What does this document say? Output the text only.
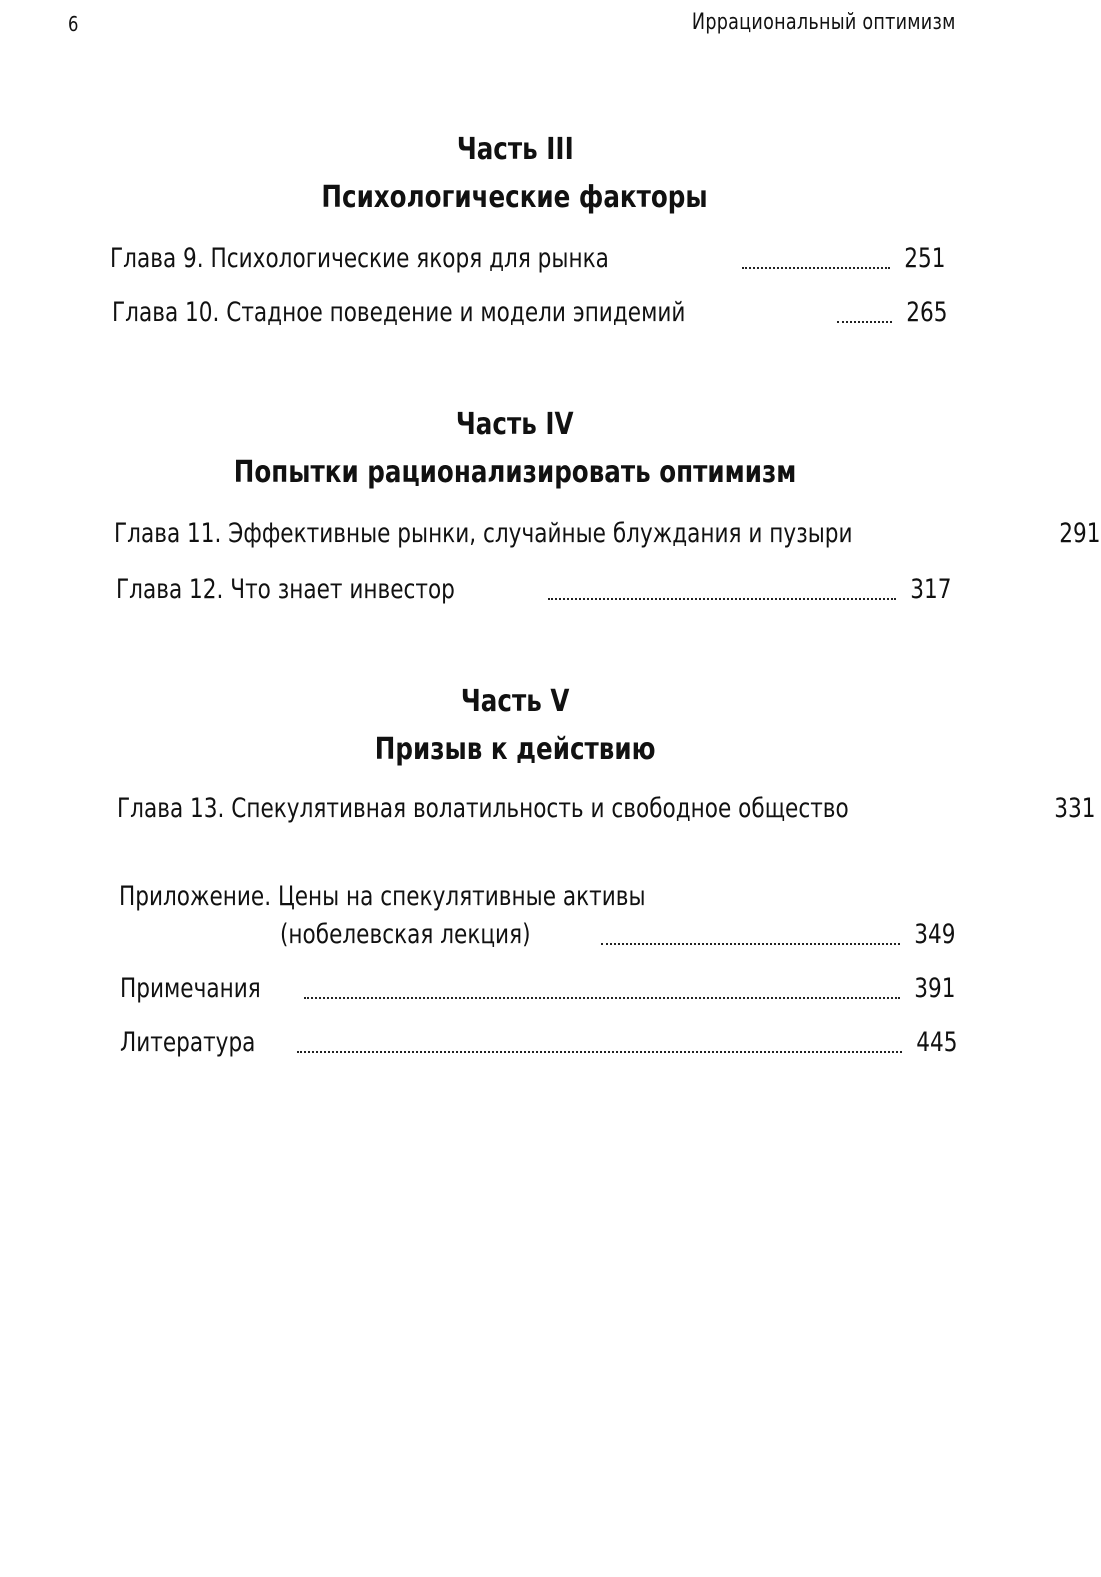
6	Иррациональный оптимизм
Часть III
Психологические факторы
Глава 9. Психологические якоря для рынка	251
Глава 10. Стадное поведение и модели эпидемий	265
Часть IV
Попытки рационализировать оптимизм
Глава 11. Эффективные рынки, случайные блуждания и пузыри	291
Глава 12. Что знает инвестор	317
Часть V
Призыв к действию
Глава 13. Спекулятивная волатильность и свободное общество	331
Приложение. Цены на спекулятивные активы
(нобелевская лекция)	349
Примечания	391
Литература	445
